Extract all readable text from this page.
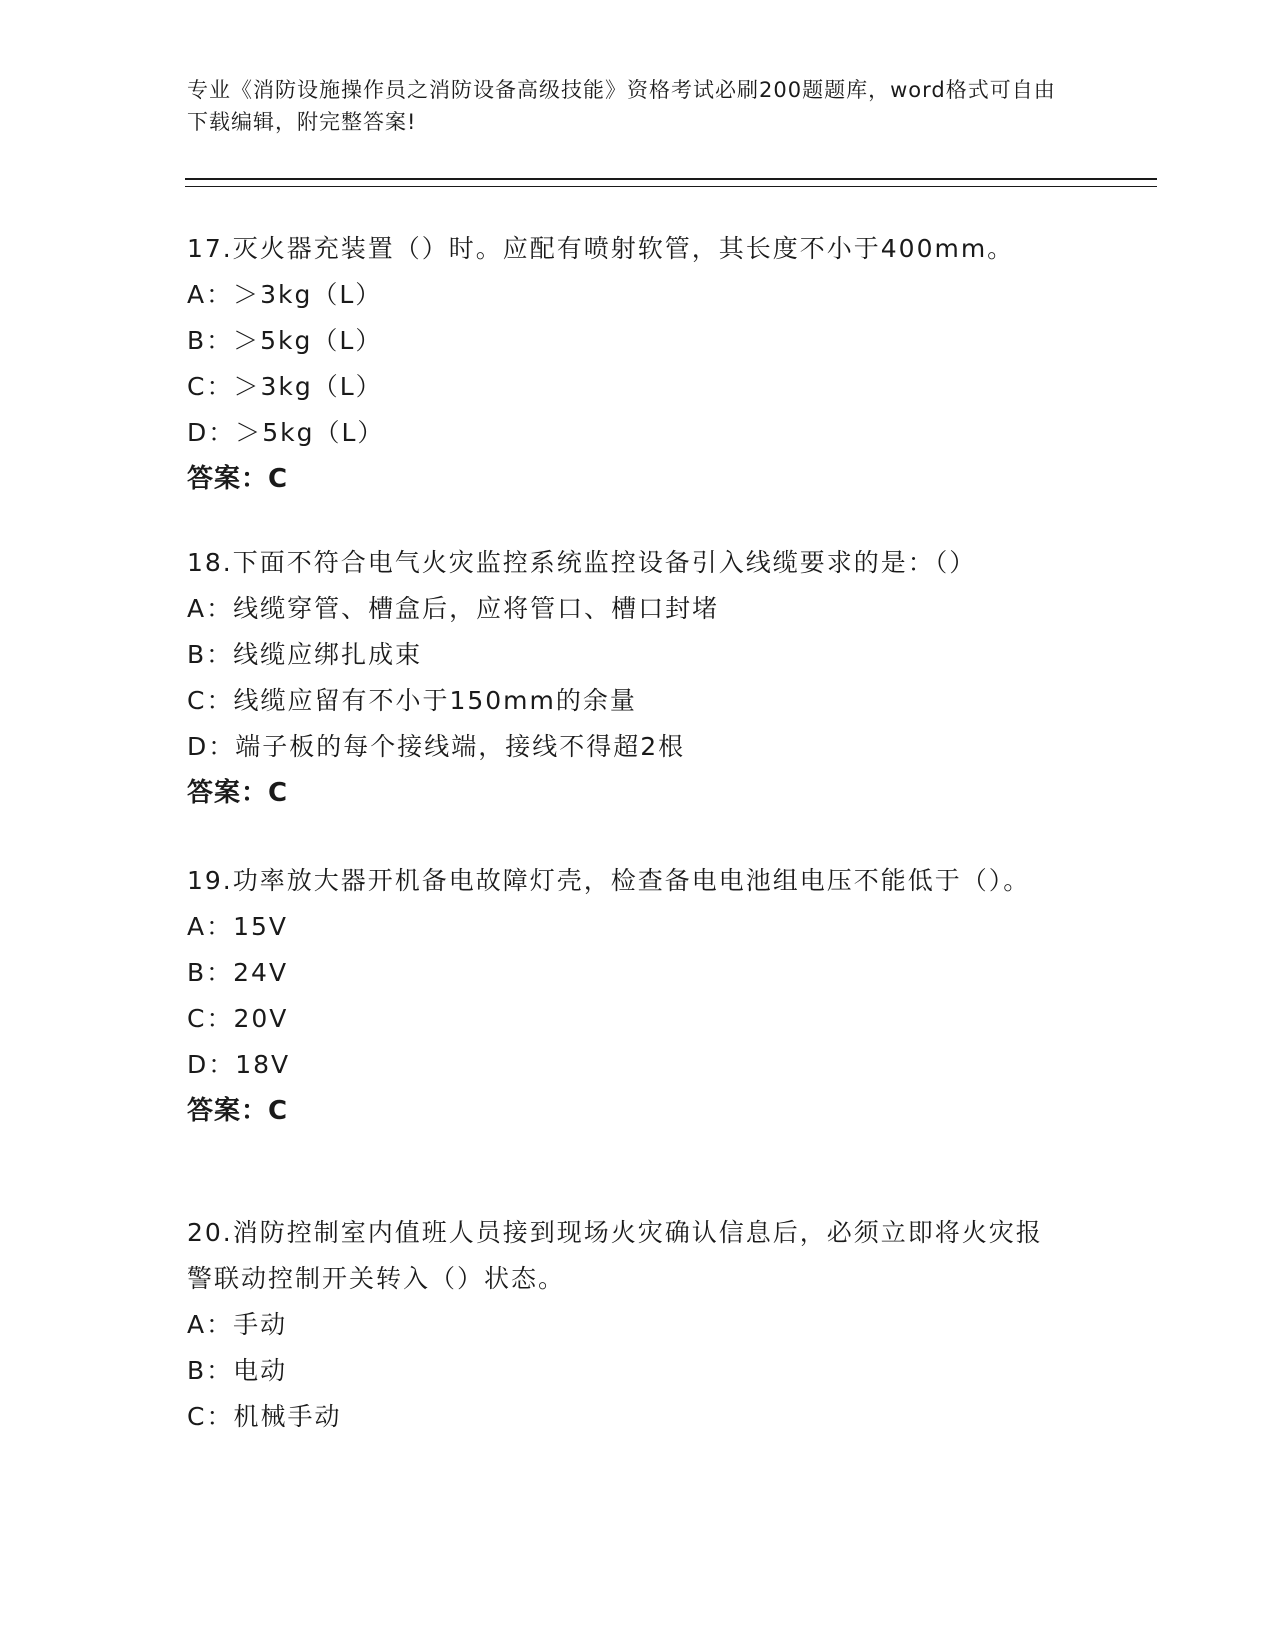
专业《消防设施操作员之消防设备高级技能》资格考试必刷200题题库，word格式可自由下载编辑，附完整答案!

17.灭火器充装置（）时。应配有喷射软管，其长度不小于400mm。

A：＞3kg（L）

B：＞5kg（L）

C：＞3kg（L）

D：＞5kg（L）

答案：C

18.下面不符合电气火灾监控系统监控设备引入线缆要求的是：（）

A：线缆穿管、槽盒后，应将管口、槽口封堵

B：线缆应绑扎成束

C：线缆应留有不小于150mm的余量

D：端子板的每个接线端，接线不得超2根

答案：C

19.功率放大器开机备电故障灯壳，检查备电电池组电压不能低于（）。

A：15V

B：24V

C：20V

D：18V

答案：C

20.消防控制室内值班人员接到现场火灾确认信息后，必须立即将火灾报警联动控制开关转入（）状态。

A：手动

B：电动

C：机械手动
